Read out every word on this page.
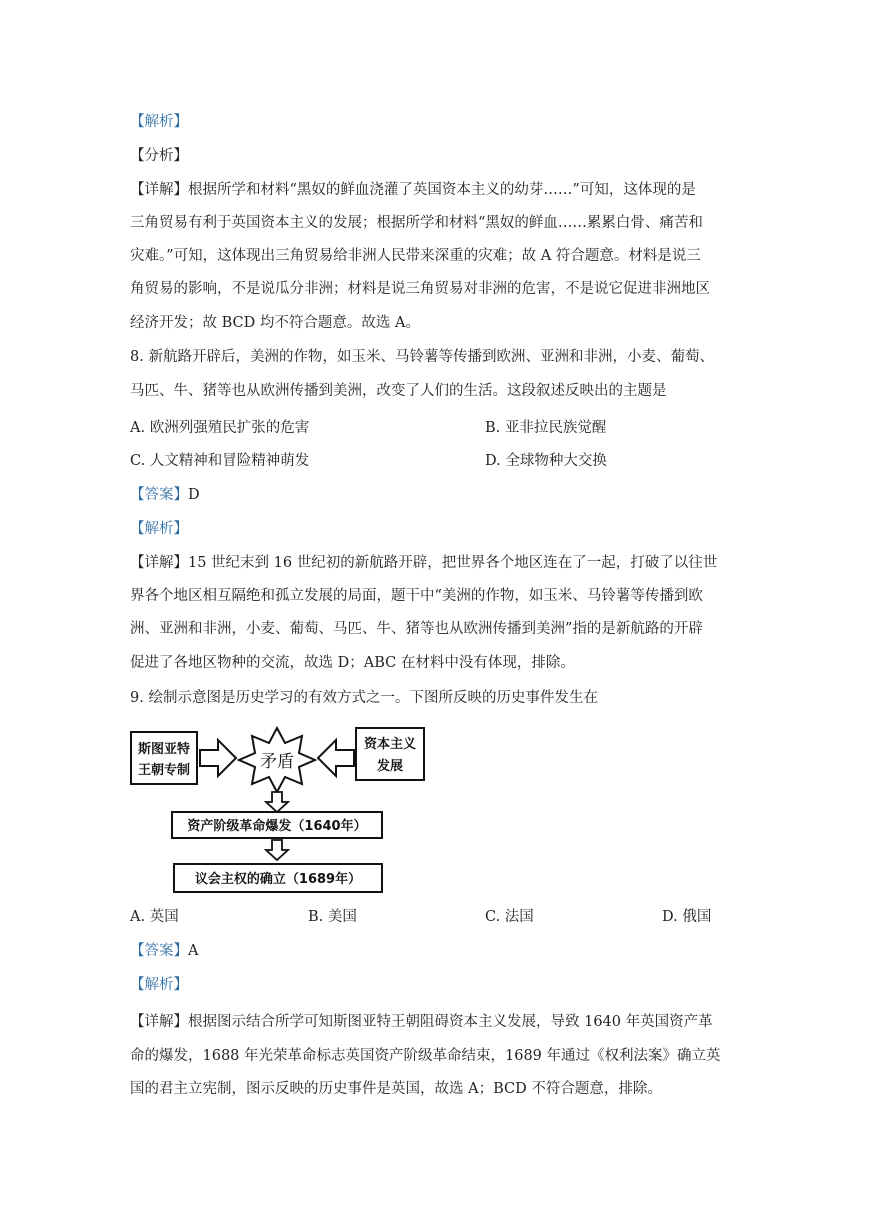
【解析】
【分析】
【详解】根据所学和材料“黑奴的鲜血浇灌了英国资本主义的幼芽……”可知，这体现的是
三角贸易有利于英国资本主义的发展；根据所学和材料“黑奴的鲜血……累累白骨、痛苦和
灾难。”可知，这体现出三角贸易给非洲人民带来深重的灾难；故 A 符合题意。材料是说三
角贸易的影响，不是说瓜分非洲；材料是说三角贸易对非洲的危害，不是说它促进非洲地区
经济开发；故 BCD 均不符合题意。故选 A。
8. 新航路开辟后，美洲的作物，如玉米、马铃薯等传播到欧洲、亚洲和非洲，小麦、葡萄、
马匹、牛、猪等也从欧洲传播到美洲，改变了人们的生活。这段叙述反映出的主题是
A. 欧洲列强殖民扩张的危害	B. 亚非拉民族觉醒
C. 人文精神和冒险精神萌发	D. 全球物种大交换
【答案】D
【解析】
【详解】15 世纪末到 16 世纪初的新航路开辟，把世界各个地区连在了一起，打破了以往世
界各个地区相互隔绝和孤立发展的局面，题干中“美洲的作物，如玉米、马铃薯等传播到欧
洲、亚洲和非洲，小麦、葡萄、马匹、牛、猪等也从欧洲传播到美洲”指的是新航路的开辟
促进了各地区物种的交流，故选 D；ABC 在材料中没有体现，排除。
9. 绘制示意图是历史学习的有效方式之一。下图所反映的历史事件发生在
斯图亚特
王朝专制	矛盾
资本主义
发展
资产阶级革命爆发（1640年）
议会主权的确立（1689年）
A. 英国	B. 美国	C. 法国	D. 俄国
【答案】A
【解析】
【详解】根据图示结合所学可知斯图亚特王朝阻碍资本主义发展，导致 1640 年英国资产革
命的爆发，1688 年光荣革命标志英国资产阶级革命结束，1689 年通过《权利法案》确立英
国的君主立宪制，图示反映的历史事件是英国，故选 A；BCD 不符合题意，排除。
